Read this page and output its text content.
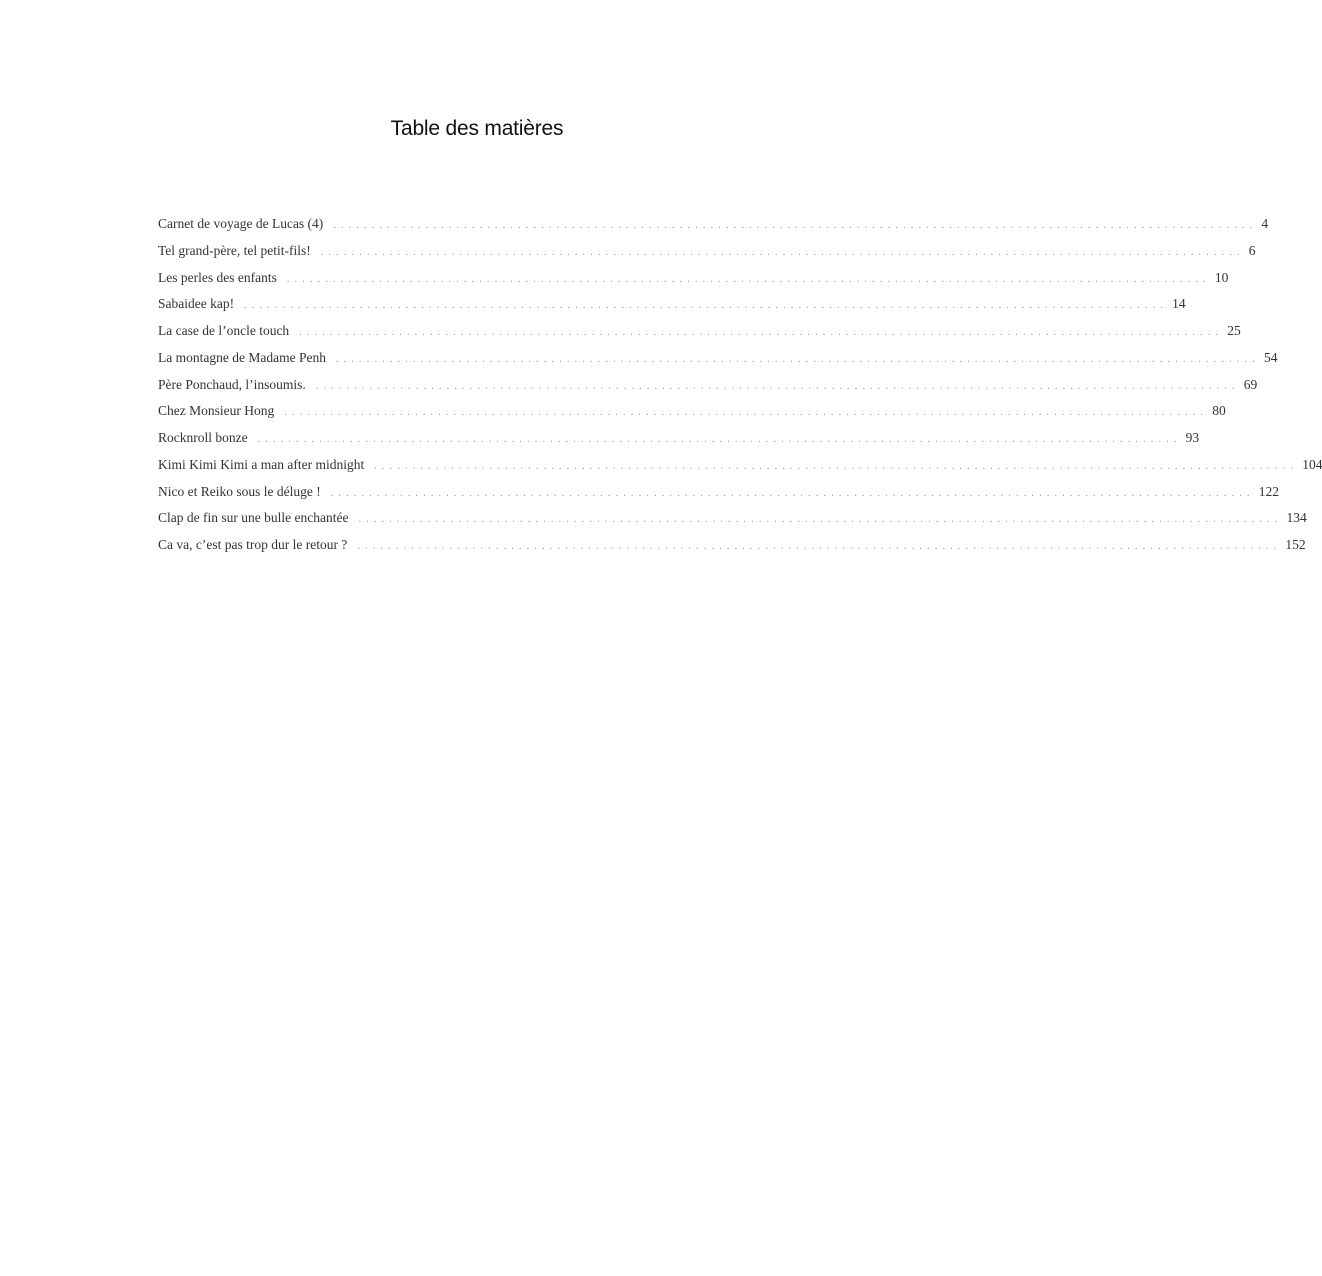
Table des matières
Carnet de voyage de Lucas (4) ........................................................................................................................ 4
Tel grand-père, tel petit-fils! ........................................................................................................................ 6
Les perles des enfants ........................................................................................................................ 10
Sabaidee kap! ........................................................................................................................ 14
La case de l’oncle touch ........................................................................................................................ 25
La montagne de Madame Penh ........................................................................................................................ 54
Père Ponchaud, l’insoumis. ........................................................................................................................ 69
Chez Monsieur Hong ........................................................................................................................ 80
Rocknroll bonze ........................................................................................................................ 93
Kimi Kimi Kimi a man after midnight ........................................................................................................................ 104
Nico et Reiko sous le déluge ! ........................................................................................................................ 122
Clap de fin sur une bulle enchantée ........................................................................................................................ 134
Ca va, c’est pas trop dur le retour ? ........................................................................................................................ 152
